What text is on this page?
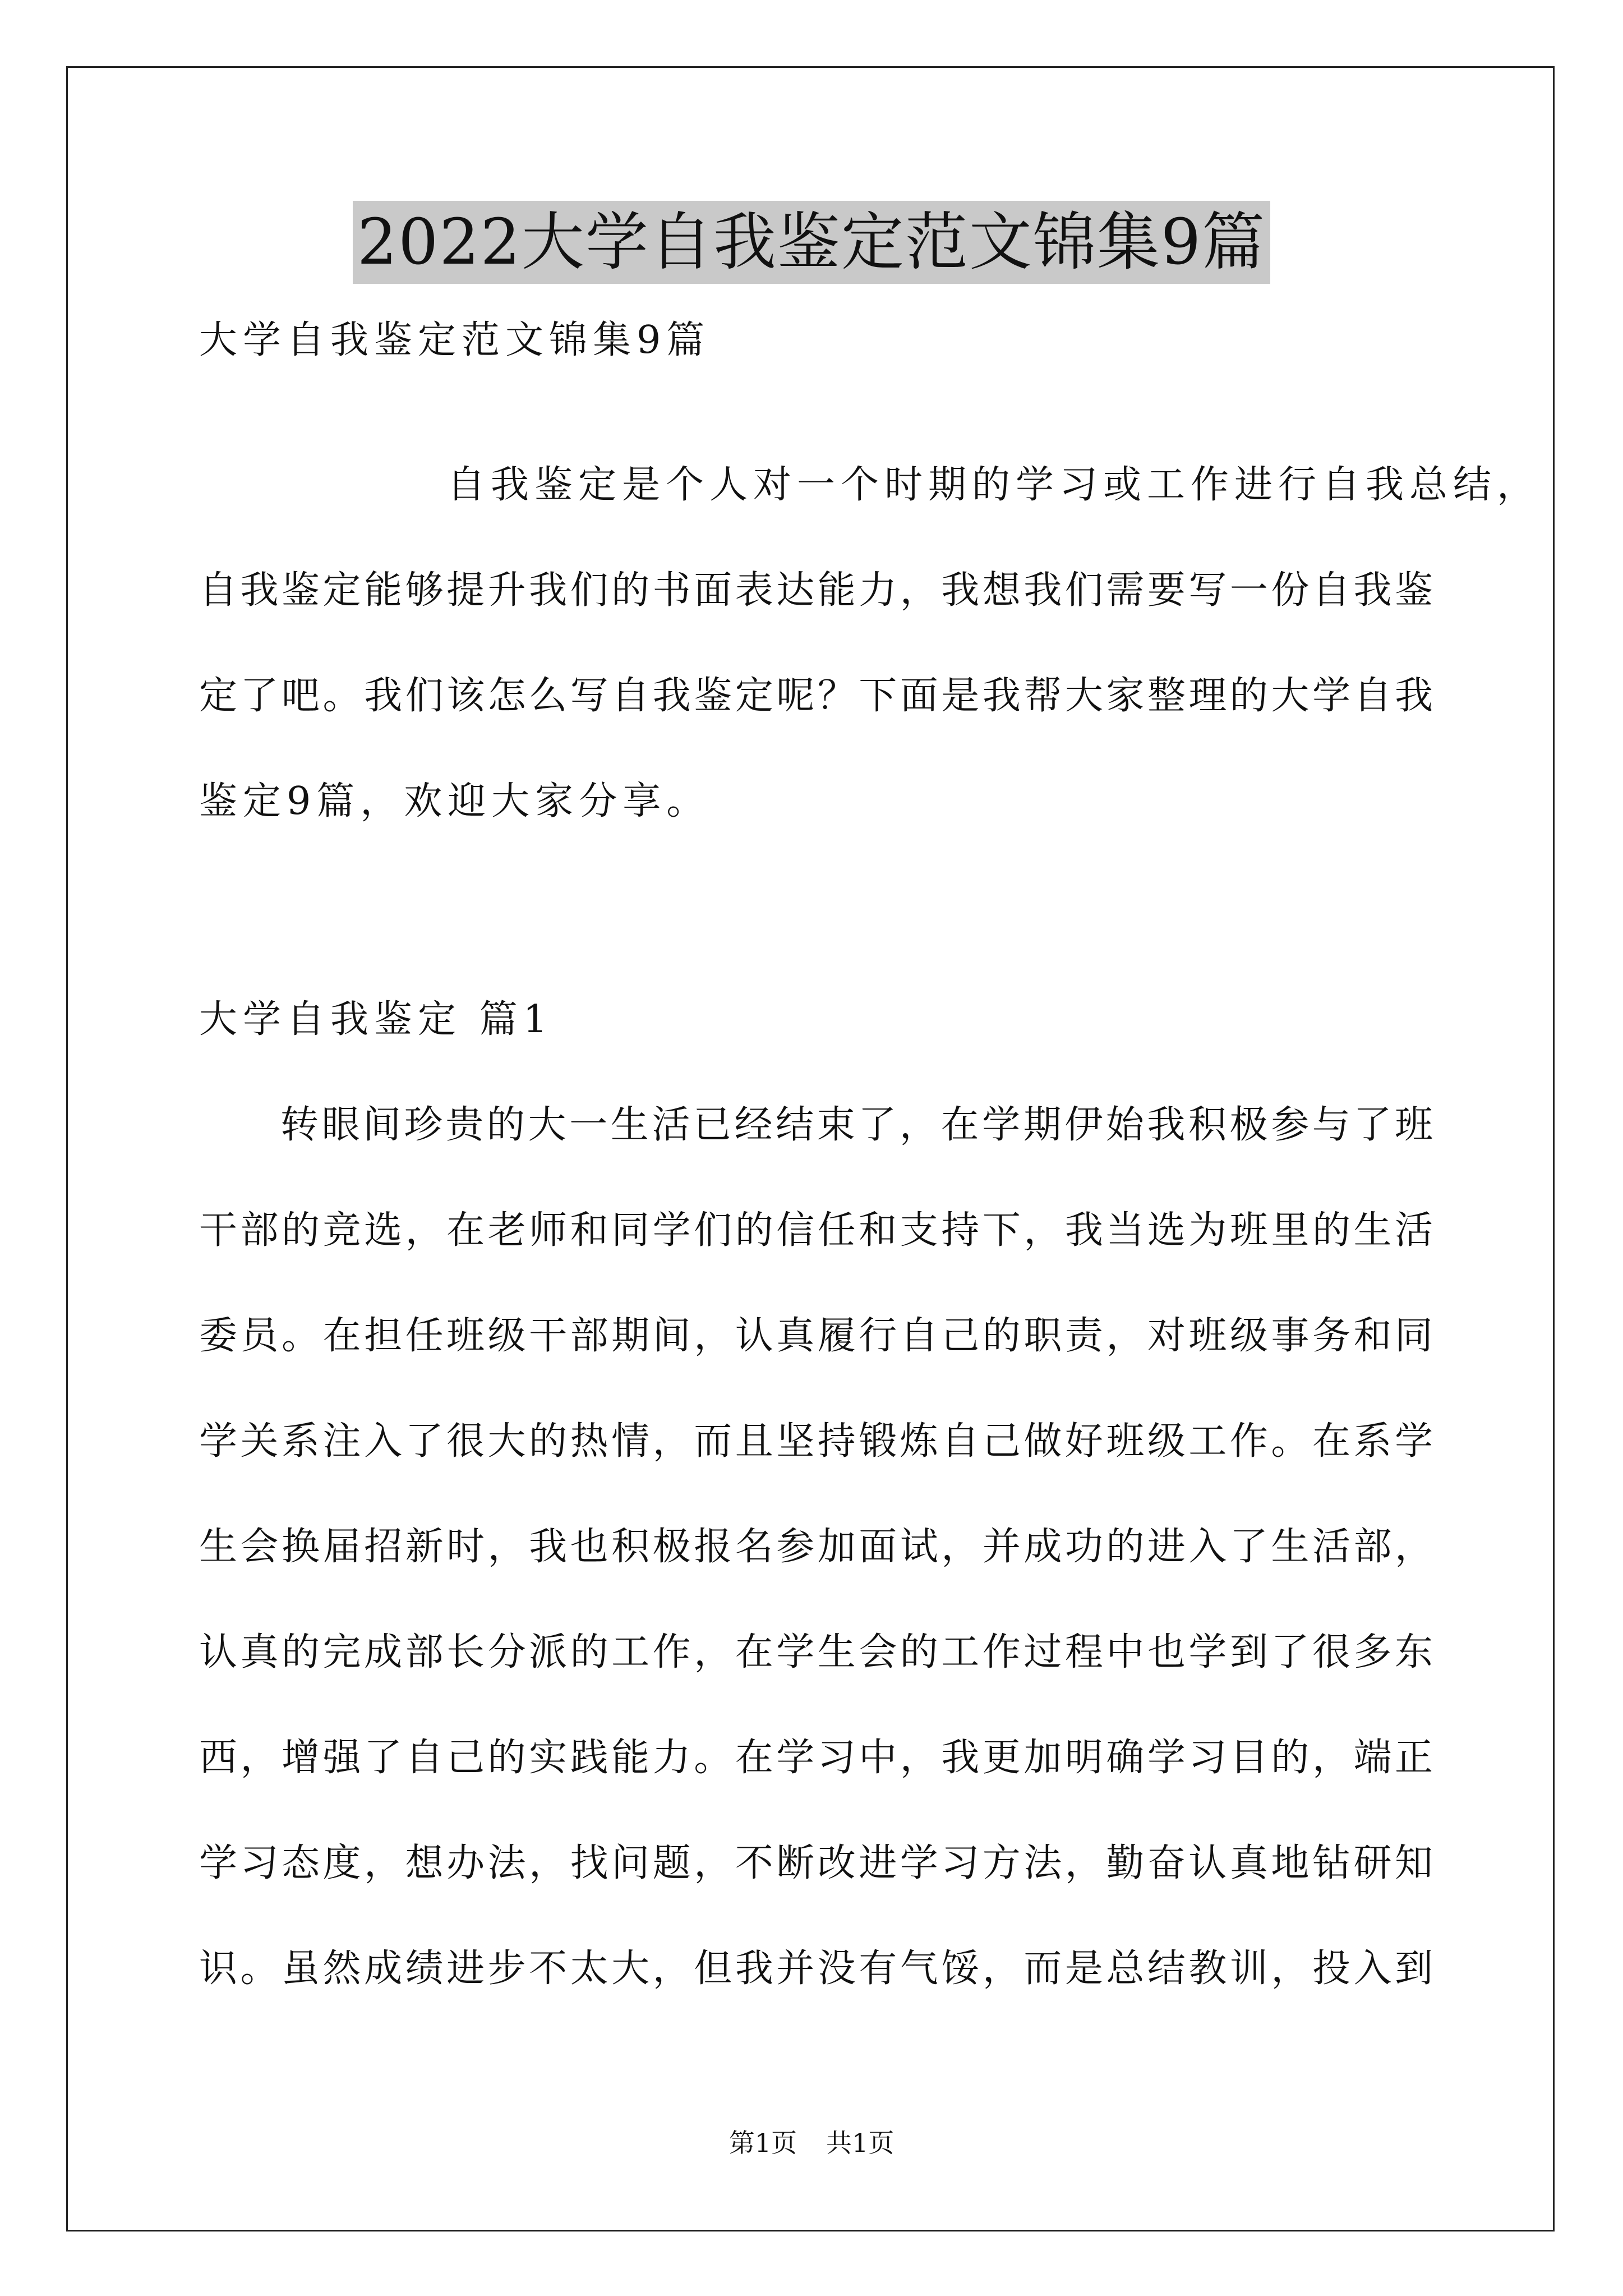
2022大学自我鉴定范文锦集9篇
大学自我鉴定范文锦集9篇
自我鉴定是个人对一个时期的学习或工作进行自我总结，
自我鉴定能够提升我们的书面表达能力，我想我们需要写一份自我鉴
定了吧。我们该怎么写自我鉴定呢？下面是我帮大家整理的大学自我
鉴定9篇，欢迎大家分享。
大学自我鉴定 篇1
转眼间珍贵的大一生活已经结束了，在学期伊始我积极参与了班
干部的竞选，在老师和同学们的信任和支持下，我当选为班里的生活
委员。在担任班级干部期间，认真履行自己的职责，对班级事务和同
学关系注入了很大的热情，而且坚持锻炼自己做好班级工作。在系学
生会换届招新时，我也积极报名参加面试，并成功的进入了生活部，
认真的完成部长分派的工作，在学生会的工作过程中也学到了很多东
西，增强了自己的实践能力。在学习中，我更加明确学习目的，端正
学习态度，想办法，找问题，不断改进学习方法，勤奋认真地钻研知
识。虽然成绩进步不太大，但我并没有气馁，而是总结教训，投入到
第1页 共1页
